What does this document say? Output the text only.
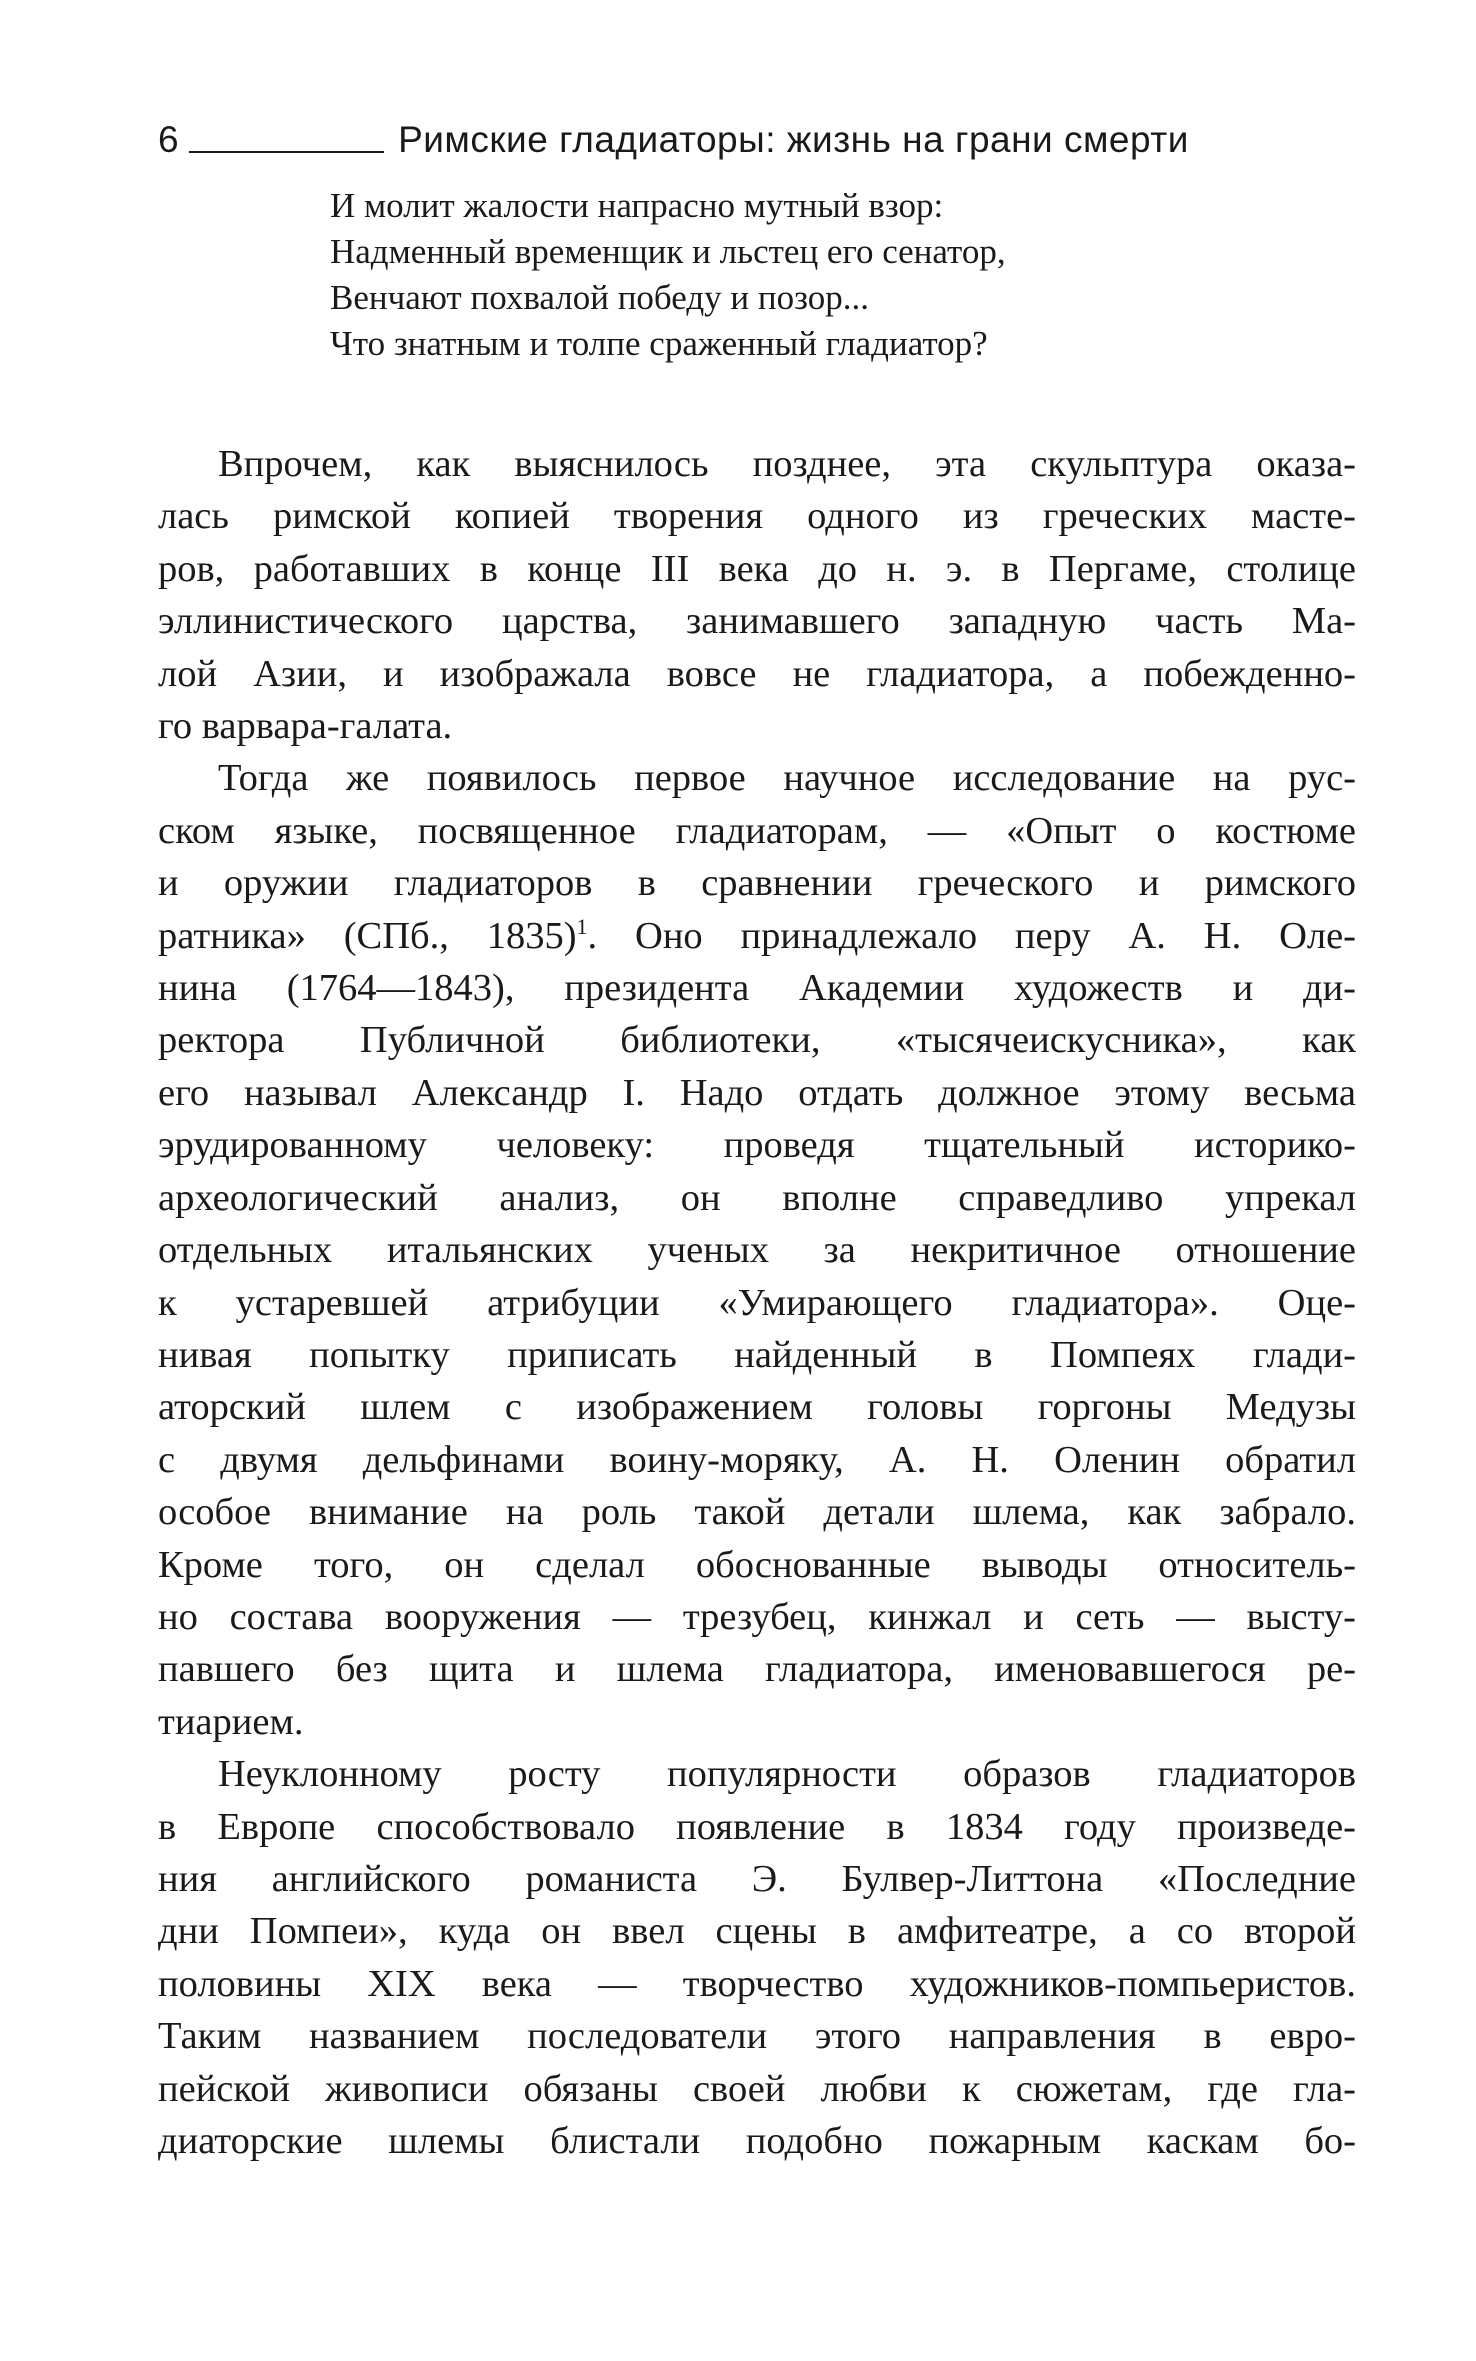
6	Римские гладиаторы: жизнь на грани смерти
И молит жалости напрасно мутный взор:
Надменный временщик и льстец его сенатор,
Венчают похвалой победу и позор...
Что знатным и толпе сраженный гладиатор?
Впрочем, как выяснилось позднее, эта скульптура оказа-
лась римской копией творения одного из греческих масте-
ров, работавших в конце III века до н. э. в Пергаме, столице
эллинистического царства, занимавшего западную часть Ма-
лой Азии, и изображала вовсе не гладиатора, а побежденно-
го варвара-галата.
Тогда же появилось первое научное исследование на рус-
ском языке, посвященное гладиаторам, — «Опыт о костюме
и оружии гладиаторов в сравнении греческого и римского
ратника» (СПб., 1835)$^1$. Оно принадлежало перу А. Н. Оле-
нина (1764—1843), президента Академии художеств и ди-
ректора Публичной библиотеки, «тысячеискусника», как
его называл Александр I. Надо отдать должное этому весьма
эрудированному человеку: проведя тщательный историко-
археологический анализ, он вполне справедливо упрекал
отдельных итальянских ученых за некритичное отношение
к устаревшей атрибуции «Умирающего гладиатора». Оце-
нивая попытку приписать найденный в Помпеях глади-
аторский шлем с изображением головы горгоны Медузы
с двумя дельфинами воину-моряку, А. Н. Оленин обратил
особое внимание на роль такой детали шлема, как забрало.
Кроме того, он сделал обоснованные выводы относитель-
но состава вооружения — трезубец, кинжал и сеть — высту-
павшего без щита и шлема гладиатора, именовавшегося ре-
тиарием.
Неуклонному росту популярности образов гладиаторов
в Европе способствовало появление в 1834 году произведе-
ния английского романиста Э. Булвер-Литтона «Последние
дни Помпеи», куда он ввел сцены в амфитеатре, а со второй
половины XIX века — творчество художников-помпьеристов.
Таким названием последователи этого направления в евро-
пейской живописи обязаны своей любви к сюжетам, где гла-
диаторские шлемы блистали подобно пожарным каскам бо-
